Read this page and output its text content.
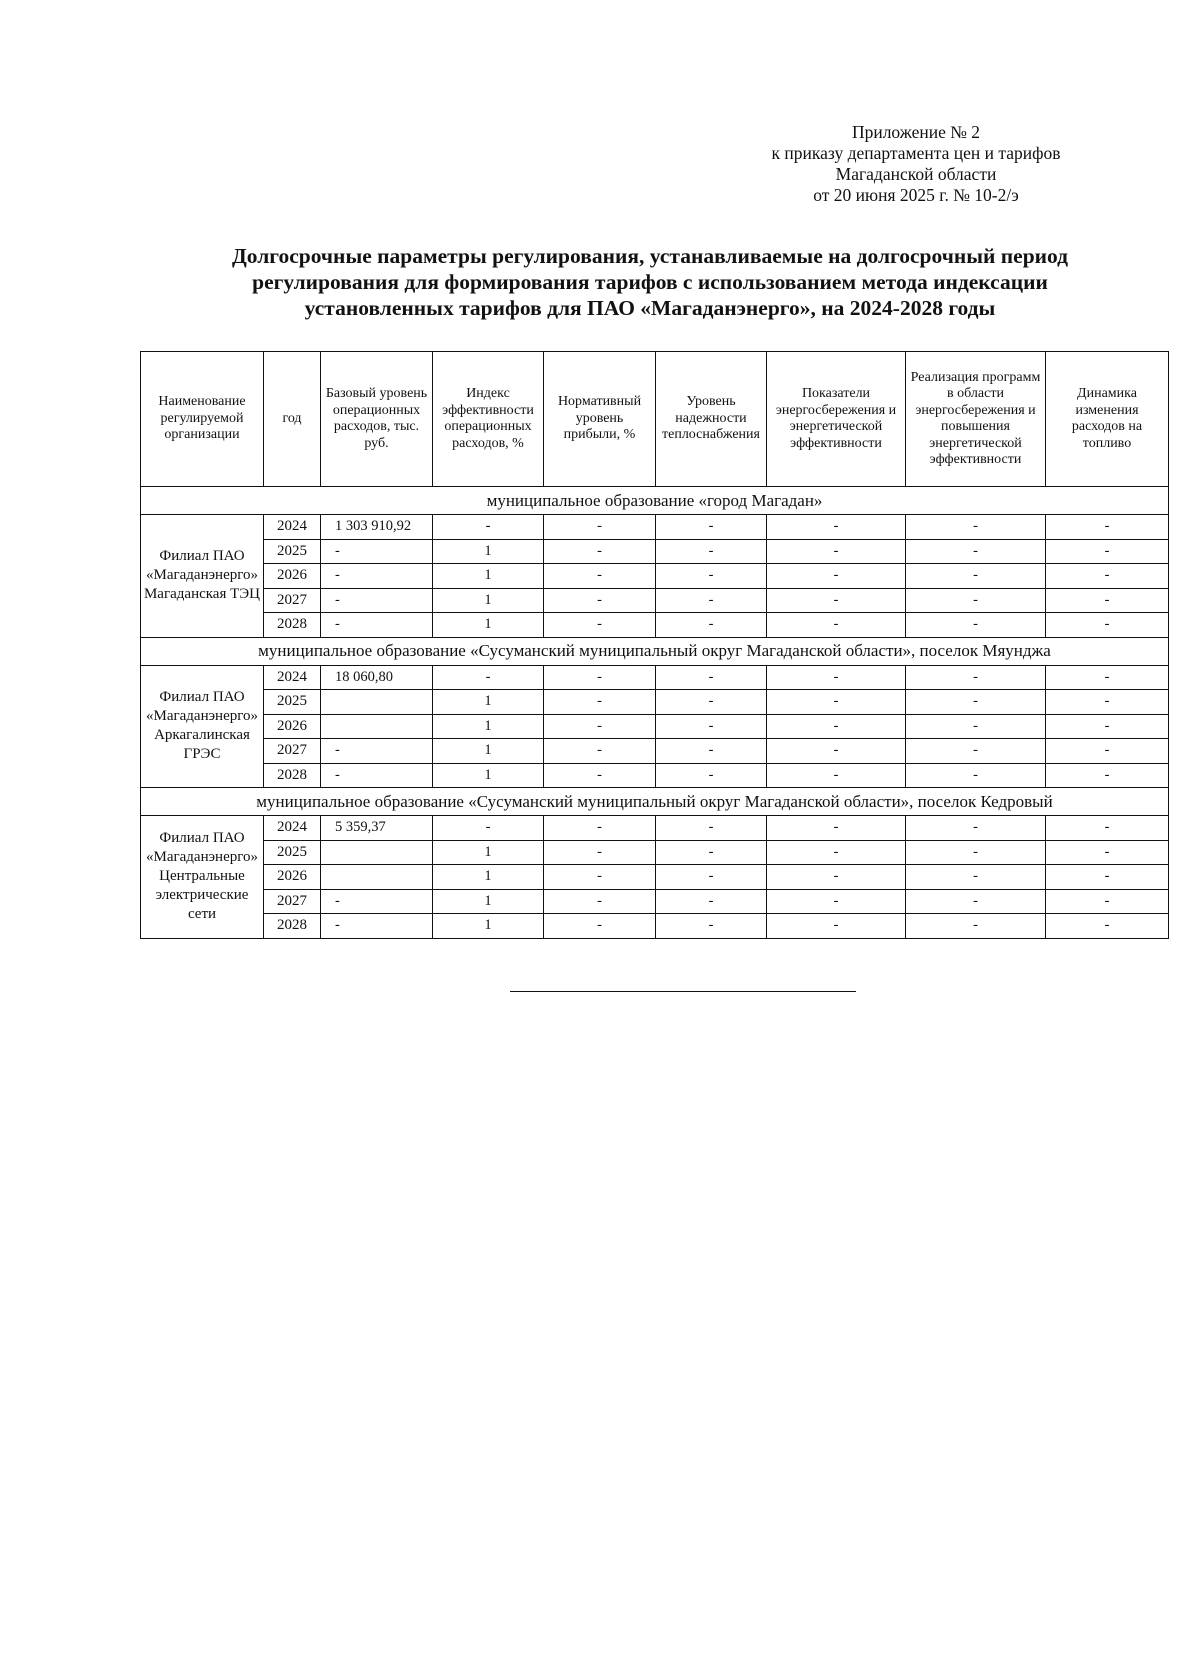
Приложение № 2
к приказу департамента цен и тарифов
Магаданской области
от 20 июня 2025 г. № 10-2/э
Долгосрочные параметры регулирования, устанавливаемые на долгосрочный период
регулирования для формирования тарифов с использованием метода индексации
установленных тарифов для ПАО «Магаданэнерго», на 2024-2028 годы
Наименование регулируемой организации	год	Базовый уровень операционных расходов, тыс. руб.	Индекс эффективности операционных расходов, %	Нормативный уровень прибыли, %	Уровень надежности теплоснабжения	Показатели энергосбережения и энергетической эффективности	Реализация программ в области энергосбережения и повышения энергетической эффективности	Динамика изменения расходов на топливо
муниципальное образование «город Магадан»								
Филиал ПАО «Магаданэнерго» Магаданская ТЭЦ	2024	1 303 910,92	-	-	-	-	-	-
	2025	-	1	-	-	-	-	-
	2026	-	1	-	-	-	-	-
	2027	-	1	-	-	-	-	-
	2028	-	1	-	-	-	-	-
муниципальное образование «Сусуманский муниципальный округ Магаданской области», поселок Мяунджа								
Филиал ПАО «Магаданэнерго» Аркагалинская ГРЭС	2024	18 060,80	-	-	-	-	-	-
	2025		1	-	-	-	-	-
	2026		1	-	-	-	-	-
	2027	-	1	-	-	-	-	-
	2028	-	1	-	-	-	-	-
муниципальное образование «Сусуманский муниципальный округ Магаданской области», поселок Кедровый								
Филиал ПАО «Магаданэнерго» Центральные электрические сети	2024	5 359,37	-	-	-	-	-	-
	2025		1	-	-	-	-	-
	2026		1	-	-	-	-	-
	2027	-	1	-	-	-	-	-
	2028	-	1	-	-	-	-	-
